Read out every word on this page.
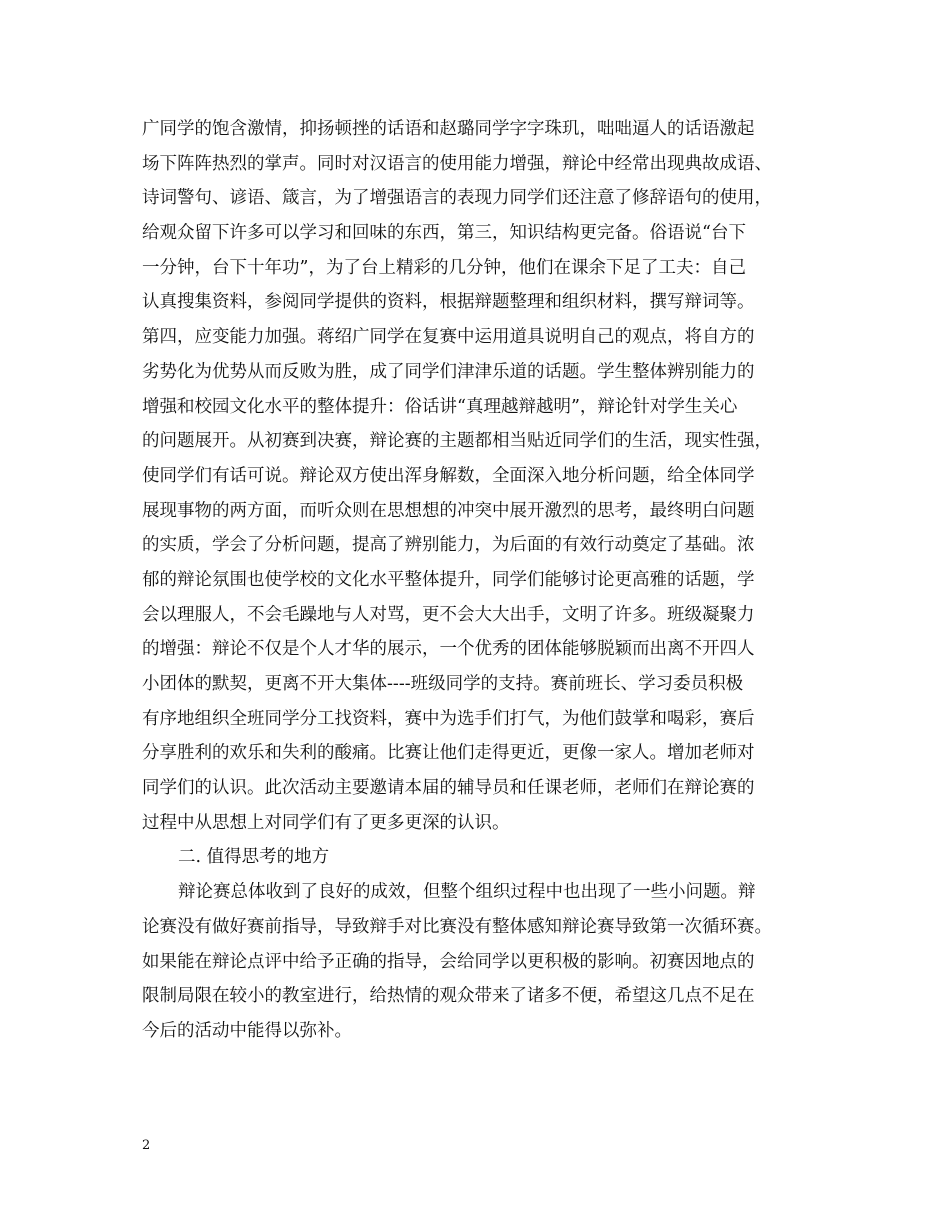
广同学的饱含激情，抑扬顿挫的话语和赵璐同学字字珠玑，咄咄逼人的话语激起
场下阵阵热烈的掌声。同时对汉语言的使用能力增强，辩论中经常出现典故成语、
诗词警句、谚语、箴言，为了增强语言的表现力同学们还注意了修辞语句的使用，
给观众留下许多可以学习和回味的东西，第三，知识结构更完备。俗语说“台下
一分钟，台下十年功”，为了台上精彩的几分钟，他们在课余下足了工夫：自己
认真搜集资料，参阅同学提供的资料，根据辩题整理和组织材料，撰写辩词等。
第四，应变能力加强。蒋绍广同学在复赛中运用道具说明自己的观点，将自方的
劣势化为优势从而反败为胜，成了同学们津津乐道的话题。学生整体辨别能力的
增强和校园文化水平的整体提升：俗话讲“真理越辩越明”，辩论针对学生关心
的问题展开。从初赛到决赛，辩论赛的主题都相当贴近同学们的生活，现实性强，
使同学们有话可说。辩论双方使出浑身解数，全面深入地分析问题，给全体同学
展现事物的两方面，而听众则在思想想的冲突中展开激烈的思考，最终明白问题
的实质，学会了分析问题，提高了辨别能力，为后面的有效行动奠定了基础。浓
郁的辩论氛围也使学校的文化水平整体提升，同学们能够讨论更高雅的话题，学
会以理服人，不会毛躁地与人对骂，更不会大大出手，文明了许多。班级凝聚力
的增强：辩论不仅是个人才华的展示，一个优秀的团体能够脱颖而出离不开四人
小团体的默契，更离不开大集体----班级同学的支持。赛前班长、学习委员积极
有序地组织全班同学分工找资料，赛中为选手们打气，为他们鼓掌和喝彩，赛后
分享胜利的欢乐和失利的酸痛。比赛让他们走得更近，更像一家人。增加老师对
同学们的认识。此次活动主要邀请本届的辅导员和任课老师，老师们在辩论赛的
过程中从思想上对同学们有了更多更深的认识。
二. 值得思考的地方
辩论赛总体收到了良好的成效，但整个组织过程中也出现了一些小问题。辩
论赛没有做好赛前指导，导致辩手对比赛没有整体感知辩论赛导致第一次循环赛。
如果能在辩论点评中给予正确的指导，会给同学以更积极的影响。初赛因地点的
限制局限在较小的教室进行，给热情的观众带来了诸多不便，希望这几点不足在
今后的活动中能得以弥补。
2
